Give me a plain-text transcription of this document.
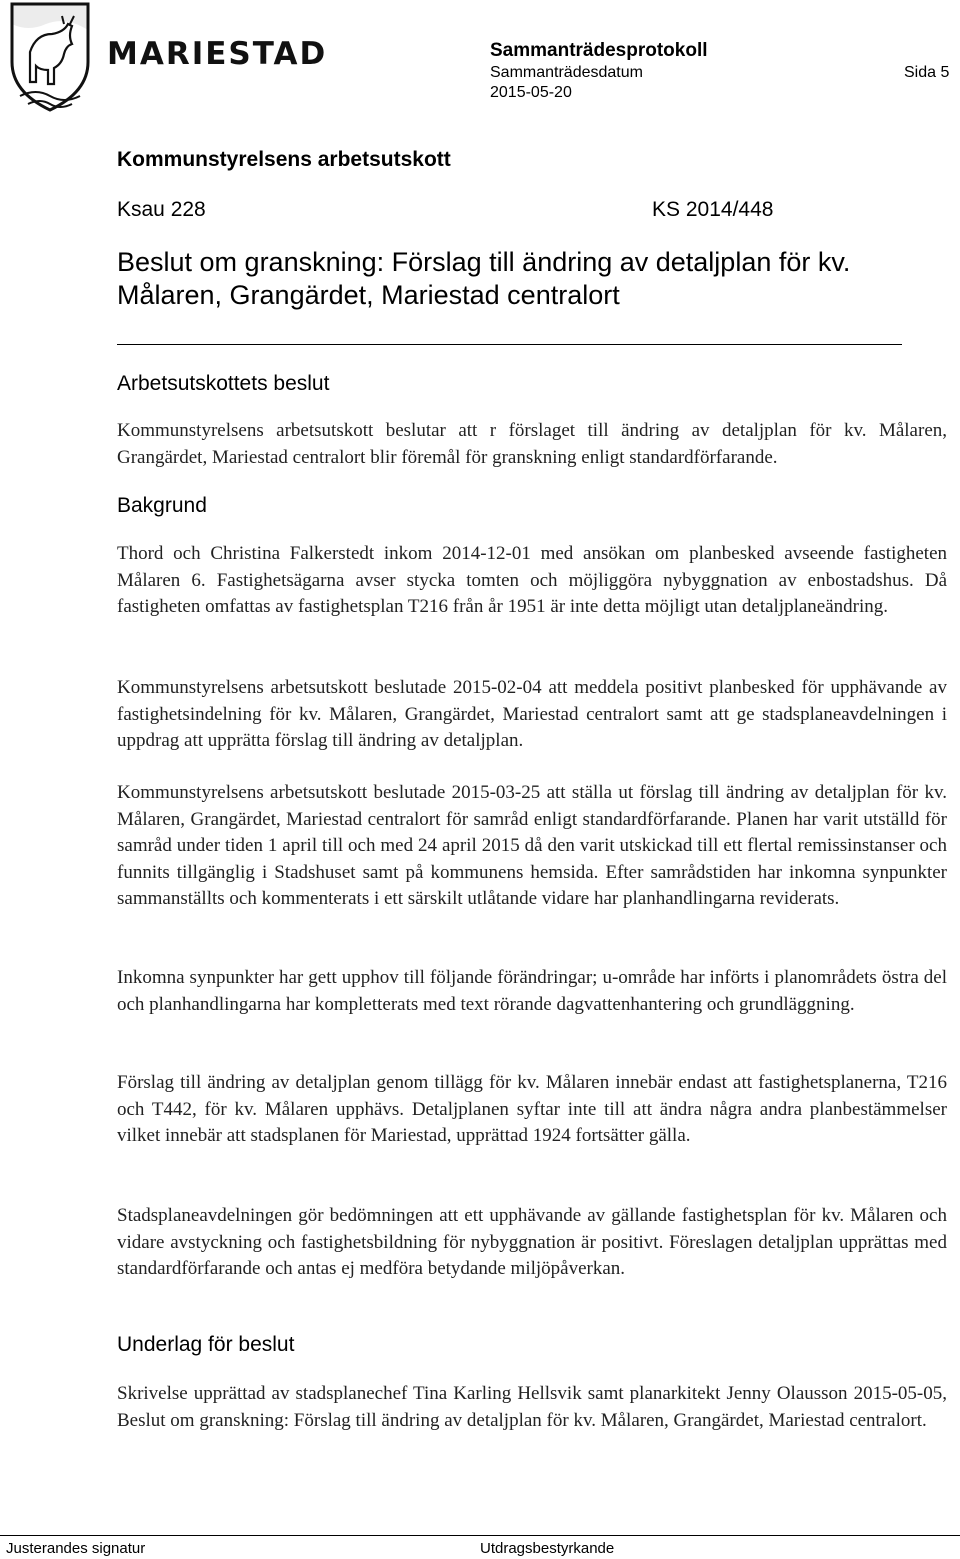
MARIESTAD	Sammanträdesprotokoll
Sammanträdesdatum
2015-05-20
Sida 5
Kommunstyrelsens arbetsutskott
Ksau 228	KS 2014/448
Beslut om granskning: Förslag till ändring av detaljplan för kv. Målaren, Grangärdet, Mariestad centralort
Arbetsutskottets beslut
Kommunstyrelsens arbetsutskott beslutar att r förslaget till ändring av detaljplan för kv. Målaren, Grangärdet, Mariestad centralort blir föremål för granskning enligt standardförfarande.
Bakgrund
Thord och Christina Falkerstedt inkom 2014-12-01 med ansökan om planbesked avseende fastigheten Målaren 6. Fastighetsägarna avser stycka tomten och möjliggöra nybyggnation av enbostadshus. Då fastigheten omfattas av fastighetsplan T216 från år 1951 är inte detta möjligt utan detaljplaneändring.
Kommunstyrelsens arbetsutskott beslutade 2015-02-04 att meddela positivt planbesked för upphävande av fastighetsindelning för kv. Målaren, Grangärdet, Mariestad centralort samt att ge stadsplaneavdelningen i uppdrag att upprätta förslag till ändring av detaljplan.
Kommunstyrelsens arbetsutskott beslutade 2015-03-25 att ställa ut förslag till ändring av detaljplan för kv. Målaren, Grangärdet, Mariestad centralort för samråd enligt standardförfarande. Planen har varit utställd för samråd under tiden 1 april till och med 24 april 2015 då den varit utskickad till ett flertal remissinstanser och funnits tillgänglig i Stadshuset samt på kommunens hemsida. Efter samrådstiden har inkomna synpunkter sammanställts och kommenterats i ett särskilt utlåtande vidare har planhandlingarna reviderats.
Inkomna synpunkter har gett upphov till följande förändringar; u-område har införts i planområdets östra del och planhandlingarna har kompletterats med text rörande dagvattenhantering och grundläggning.
Förslag till ändring av detaljplan genom tillägg för kv. Målaren innebär endast att fastighetsplanerna, T216 och T442, för kv. Målaren upphävs. Detaljplanen syftar inte till att ändra några andra planbestämmelser vilket innebär att stadsplanen för Mariestad, upprättad 1924 fortsätter gälla.
Stadsplaneavdelningen gör bedömningen att ett upphävande av gällande fastighetsplan för kv. Målaren och vidare avstyckning och fastighetsbildning för nybyggnation är positivt. Föreslagen detaljplan upprättas med standardförfarande och antas ej medföra betydande miljöpåverkan.
Underlag för beslut
Skrivelse upprättad av stadsplanechef Tina Karling Hellsvik samt planarkitekt Jenny Olausson 2015-05-05, Beslut om granskning: Förslag till ändring av detaljplan för kv. Målaren, Grangärdet, Mariestad centralort.
Justerandes signatur	Utdragsbestyrkande
